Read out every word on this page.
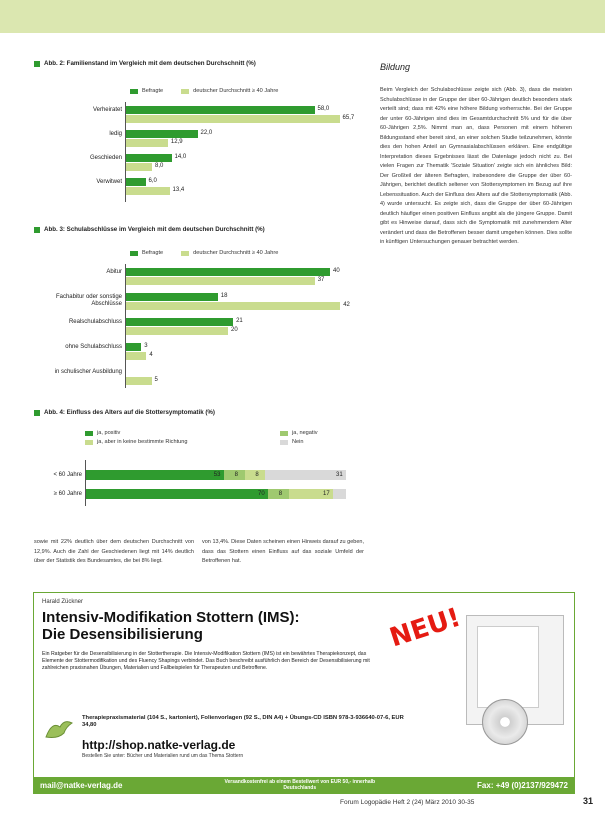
Abb. 2: Familienstand im Vergleich mit dem deutschen Durchschnitt (%)
Befragte	deutscher Durchschnitt ≥ 40 Jahre
Verheiratet	58,0
65,7
ledig	22,0
12,9
Geschieden	14,0
8,0
Verwitwet	6,0
13,4
Abb. 3: Schulabschlüsse im Vergleich mit dem deutschen Durchschnitt (%)
Befragte	deutscher Durchschnitt ≥ 40 Jahre
Abitur	40
37
Fachabitur oder sonstige Abschlüsse
18
42
Realschulabschluss	21
20
ohne Schulabschluss	3
4
in schulischer Ausbildung
5
Abb. 4: Einfluss des Alters auf die Stottersymptomatik (%)
ja, positiv	ja, negativ
ja, aber in keine bestimmte Richtung	Nein
< 60 Jahre	53 8	8	31
≥ 60 Jahre	70 8	17
sowie mit 22% deutlich über dem deutschen Durchschnitt von 12,9%. Auch die Zahl der Geschiedenen liegt mit 14% deutlich über der Statistik des Bundesamtes, die bei 8% liegt.
von 13,4%. Diese Daten scheinen einen Hinweis darauf zu geben, dass das Stottern einen Einfluss auf das soziale Umfeld der Betroffenen hat.
Bildung
Beim Vergleich der Schulabschlüsse zeigte sich (Abb. 3), dass die meisten Schulabschlüsse in der Gruppe der über 60-Jährigen deutlich besonders stark verteilt sind; dass mit 42% eine höhere Bildung vorherrschte. Bei der Gruppe der unter 60-Jährigen sind dies im Gesamtdurchschnitt 5% und für die über 60-Jährigen 2,5%. Nimmt man an, dass Personen mit einem höheren Bildungsstand eher bereit sind, an einer solchen Studie teilzunehmen, könnte dies den hohen Anteil an Gymnasialabschlüssen erklären. Eine endgültige Interpretation dieses Ergebnisses lässt die Datenlage jedoch nicht zu. Bei vielen Fragen zur Thematik 'Soziale Situation' zeigte sich ein ähnliches Bild: Der Großteil der älteren Befragten, insbesondere die Gruppe der über 60-Jährigen, berichtet deutlich seltener von Stottersymptomen im Bezug auf ihre Lebenssituation. Auch der Einfluss des Alters auf die Stottersymptomatik (Abb. 4) wurde untersucht. Es zeigte sich, dass die Gruppe der über 60-Jährigen deutlich häufiger einen positiven Einfluss angibt als die jüngere Gruppe. Damit gibt es Hinweise darauf, dass sich die Symptomatik mit zunehmendem Alter verändert und dass die Betroffenen besser damit umgehen können. Dies sollte in künftigen Untersuchungen genauer betrachtet werden.
Harald Zückner
Intensiv-Modifikation Stottern (IMS):
Die Desensibilisierung	NEU!
Ein Ratgeber für die Desensibilisierung in der Stottertherapie. Die Intensiv-Modifikation Stottern (IMS) ist ein bewährtes Therapiekonzept, das Elemente der Stottermodifikation und des Fluency Shapings verbindet. Das Buch beschreibt ausführlich den Bereich der Desensibilisierung mit zahlreichen praxisnahen Übungen, Materialien und Fallbeispielen für Therapeuten und Betroffene.
Therapiepraxismaterial (104 S., kartoniert), Folienvorlagen (92 S., DIN A4) + Übungs-CD ISBN 978-3-936640-07-6, EUR 34,80
http://shop.natke-verlag.de
Bestellen Sie unter: Bücher und Materialien rund um das Thema Stottern
mail@natke-verlag.de	Versandkostenfrei ab einem Bestellwert von EUR 50,- innerhalb Deutschlands	Fax: +49 (0)2137/929472
Forum Logopädie Heft 2 (24) März 2010 30-35	31
